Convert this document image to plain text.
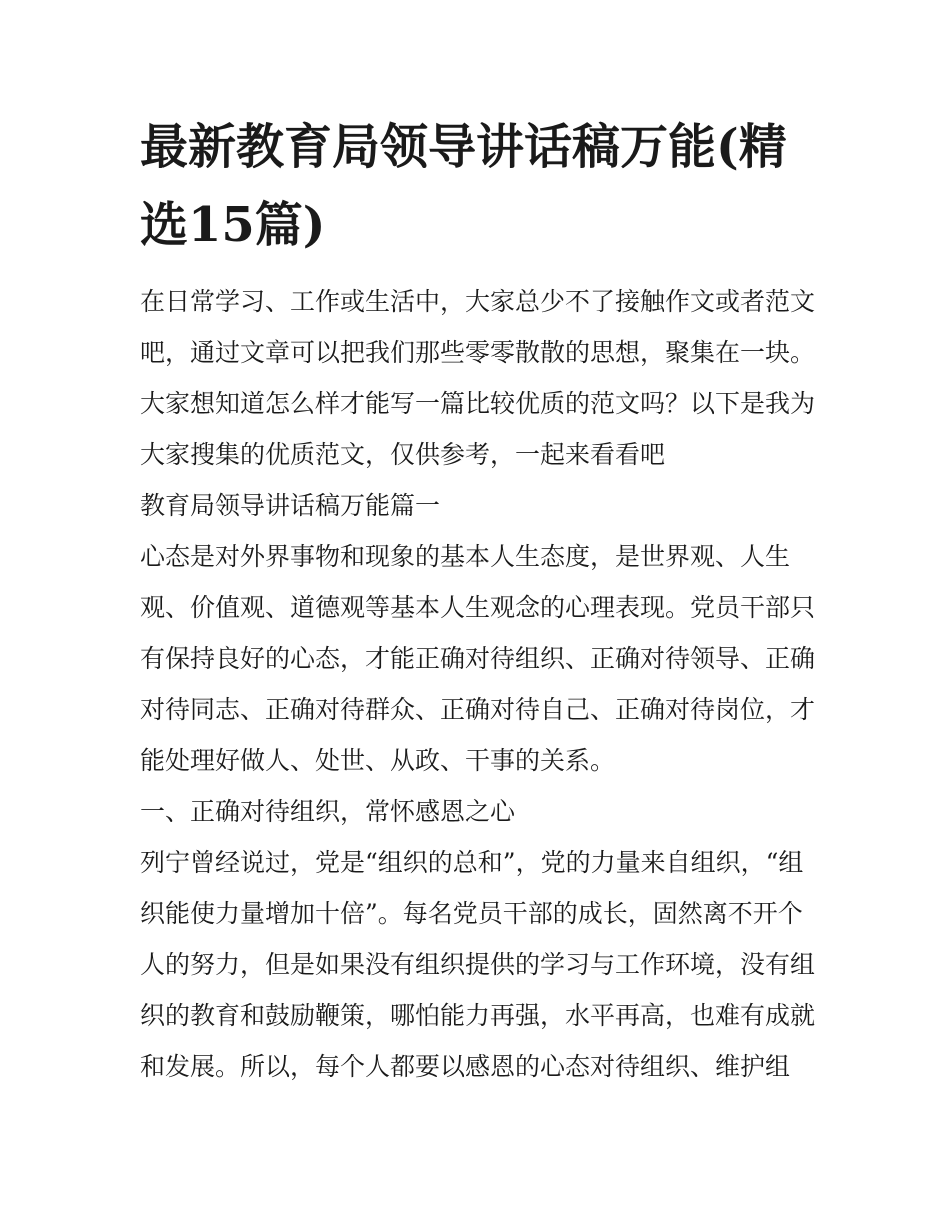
最新教育局领导讲话稿万能(精选15篇)

在日常学习、工作或生活中，大家总少不了接触作文或者范文吧，通过文章可以把我们那些零零散散的思想，聚集在一块。大家想知道怎么样才能写一篇比较优质的范文吗？以下是我为大家搜集的优质范文，仅供参考，一起来看看吧

教育局领导讲话稿万能篇一

心态是对外界事物和现象的基本人生态度，是世界观、人生观、价值观、道德观等基本人生观念的心理表现。党员干部只有保持良好的心态，才能正确对待组织、正确对待领导、正确对待同志、正确对待群众、正确对待自己、正确对待岗位，才能处理好做人、处世、从政、干事的关系。

一、正确对待组织，常怀感恩之心

列宁曾经说过，党是“组织的总和”，党的力量来自组织，“组织能使力量增加十倍”。每名党员干部的成长，固然离不开个人的努力，但是如果没有组织提供的学习与工作环境，没有组织的教育和鼓励鞭策，哪怕能力再强，水平再高，也难有成就和发展。所以，每个人都要以感恩的心态对待组织、维护组
